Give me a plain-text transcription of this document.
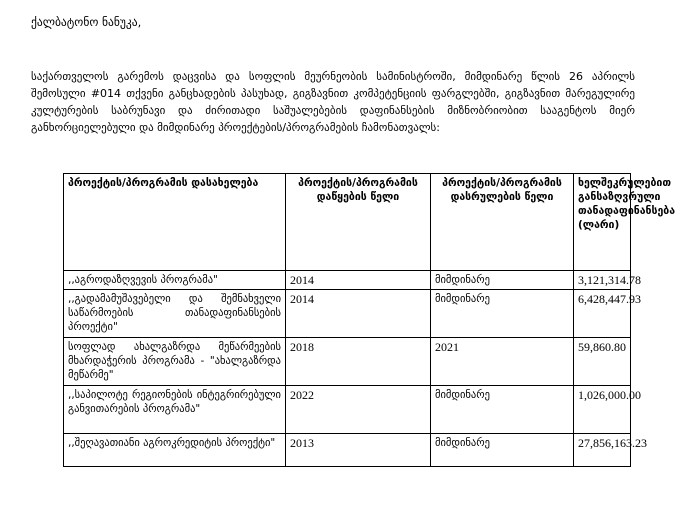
ქალბატონო ნანუკა,
საქართველოს გარემოს დაცვისა და სოფლის მეურნეობის სამინისტროში, მიმდინარე წლის 26 აპრილს შემოსული #014 თქვენი განცხადების პასუხად, გიგზავნით კომპეტენციის ფარგლებში, გიგზავნით მარეგულირე კულტურების საბრუნავი და ძირითადი საშუალებების დაფინანსების მიზნობრიობით სააგენტოს მიერ განხორციელებული და მიმდინარე პროექტების/პროგრამების ჩამონათვალს:
პროექტის/პროგრამის დასახელება	პროექტის/პროგრამის დაწყების წელი	პროექტის/პროგრამის დასრულების წელი	ხელშეკრულებით განსაზღვრული თანადაფინანსება (ლარი)
,,აგროდაზღვევის პროგრამა"	2014	მიმდინარე	3,121,314.78
,,გადამამუშავებელი და შემნახველი საწარმოების თანადაფინანსების პროექტი"	2014	მიმდინარე	6,428,447.93
სოფლად ახალგაზრდა მეწარმეების მხარდაჭერის პროგრამა - "ახალგაზრდა მეწარმე"	2018	2021	59,860.80
,,საპილოტე რეგიონების ინტეგრირებული განვითარების პროგრამა"	2022	მიმდინარე	1,026,000.00
,,შეღავათიანი აგროკრედიტის პროექტი"	2013	მიმდინარე	27,856,163.23
